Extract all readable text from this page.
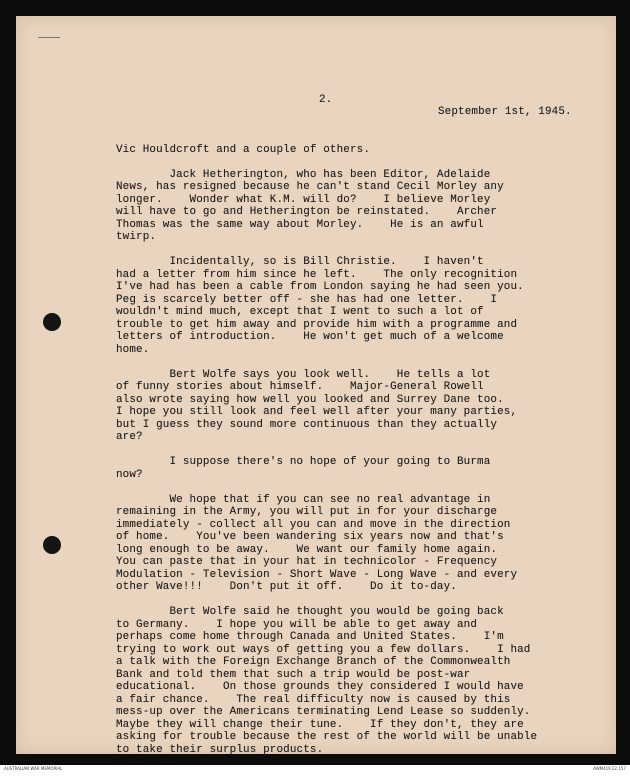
2.

September 1st, 1945.

Vic Houldcroft and a couple of others.
Jack Hetherington, who has been Editor, Adelaide
News, has resigned because he can't stand Cecil Morley any
longer.    Wonder what K.M. will do?    I believe Morley
will have to go and Hetherington be reinstated.    Archer
Thomas was the same way about Morley.    He is an awful
twirp.
Incidentally, so is Bill Christie.    I haven't
had a letter from him since he left.    The only recognition
I've had has been a cable from London saying he had seen you.
Peg is scarcely better off - she has had one letter.    I
wouldn't mind much, except that I went to such a lot of
trouble to get him away and provide him with a programme and
letters of introduction.    He won't get much of a welcome
home.
Bert Wolfe says you look well.    He tells a lot
of funny stories about himself.    Major-General Rowell
also wrote saying how well you looked and Surrey Dane too.
I hope you still look and feel well after your many parties,
but I guess they sound more continuous than they actually
are?
I suppose there's no hope of your going to Burma
now?
We hope that if you can see no real advantage in
remaining in the Army, you will put in for your discharge
immediately - collect all you can and move in the direction
of home.    You've been wandering six years now and that's
long enough to be away.    We want our family home again.
You can paste that in your hat in technicolor - Frequency
Modulation - Television - Short Wave - Long Wave - and every
other Wave!!!    Don't put it off.    Do it to-day.
Bert Wolfe said he thought you would be going back
to Germany.    I hope you will be able to get away and
perhaps come home through Canada and United States.    I'm
trying to work out ways of getting you a few dollars.    I had
a talk with the Foreign Exchange Branch of the Commonwealth
Bank and told them that such a trip would be post-war
educational.    On those grounds they considered I would have
a fair chance.    The real difficulty now is caused by this
mess-up over the Americans terminating Lend Lease so suddenly.
Maybe they will change their tune.    If they don't, they are
asking for trouble because the rest of the world will be unable
to take their surplus products.

AUSTRALIAN WAR MEMORIAL	AWM419.22.157
